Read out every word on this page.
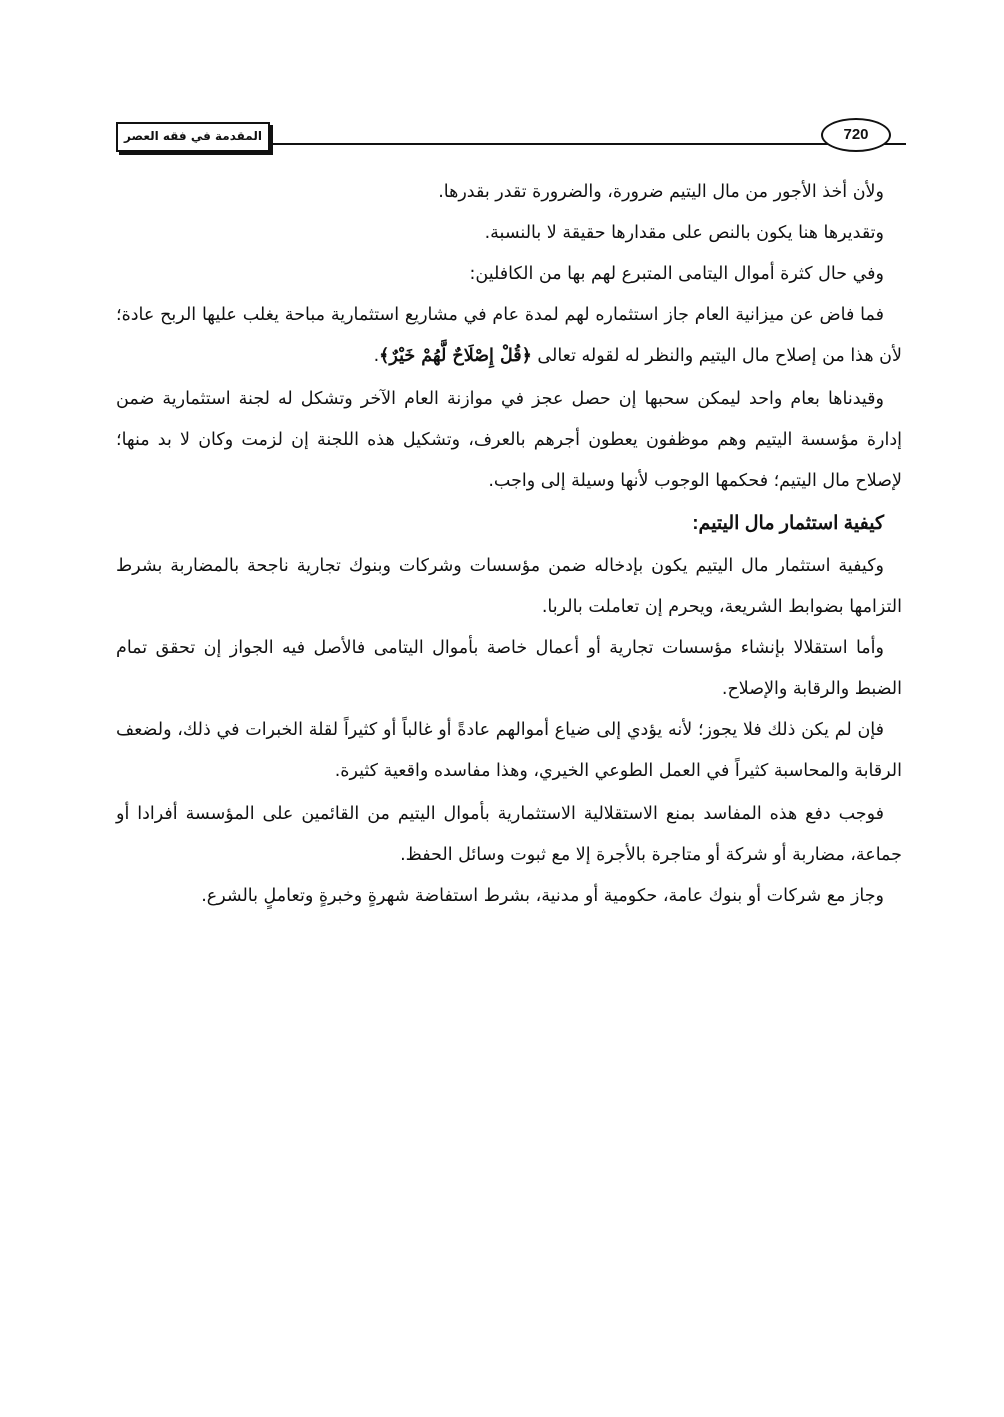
المقدمة في فقه العصر	720

ولأن أخذ الأجور من مال اليتيم ضرورة، والضرورة تقدر بقدرها.

وتقديرها هنا يكون بالنص على مقدارها حقيقة لا بالنسبة.

وفي حال كثرة أموال اليتامى المتبرع لهم بها من الكافلين:

فما فاض عن ميزانية العام جاز استثماره لهم لمدة عام في مشاريع استثمارية مباحة يغلب عليها الربح عادة؛ لأن هذا من إصلاح مال اليتيم والنظر له لقوله تعالى ﴿قُلْ إِصْلَاحٌ لَّهُمْ خَيْرٌ﴾.

وقيدناها بعام واحد ليمكن سحبها إن حصل عجز في موازنة العام الآخر وتشكل له لجنة استثمارية ضمن إدارة مؤسسة اليتيم وهم موظفون يعطون أجرهم بالعرف، وتشكيل هذه اللجنة إن لزمت وكان لا بد منها؛ لإصلاح مال اليتيم؛ فحكمها الوجوب لأنها وسيلة إلى واجب.

كيفية استثمار مال اليتيم:

وكيفية استثمار مال اليتيم يكون بإدخاله ضمن مؤسسات وشركات وبنوك تجارية ناجحة بالمضاربة بشرط التزامها بضوابط الشريعة، ويحرم إن تعاملت بالربا.

وأما استقلالا بإنشاء مؤسسات تجارية أو أعمال خاصة بأموال اليتامى فالأصل فيه الجواز إن تحقق تمام الضبط والرقابة والإصلاح.

فإن لم يكن ذلك فلا يجوز؛ لأنه يؤدي إلى ضياع أموالهم عادةً أو غالباً أو كثيراً لقلة الخبرات في ذلك، ولضعف الرقابة والمحاسبة كثيراً في العمل الطوعي الخيري، وهذا مفاسده واقعية كثيرة.

فوجب دفع هذه المفاسد بمنع الاستقلالية الاستثمارية بأموال اليتيم من القائمين على المؤسسة أفرادا أو جماعة، مضاربة أو شركة أو متاجرة بالأجرة إلا مع ثبوت وسائل الحفظ.

وجاز مع شركات أو بنوك عامة، حكومية أو مدنية، بشرط استفاضة شهرةٍ وخبرةٍ وتعاملٍ بالشرع.
